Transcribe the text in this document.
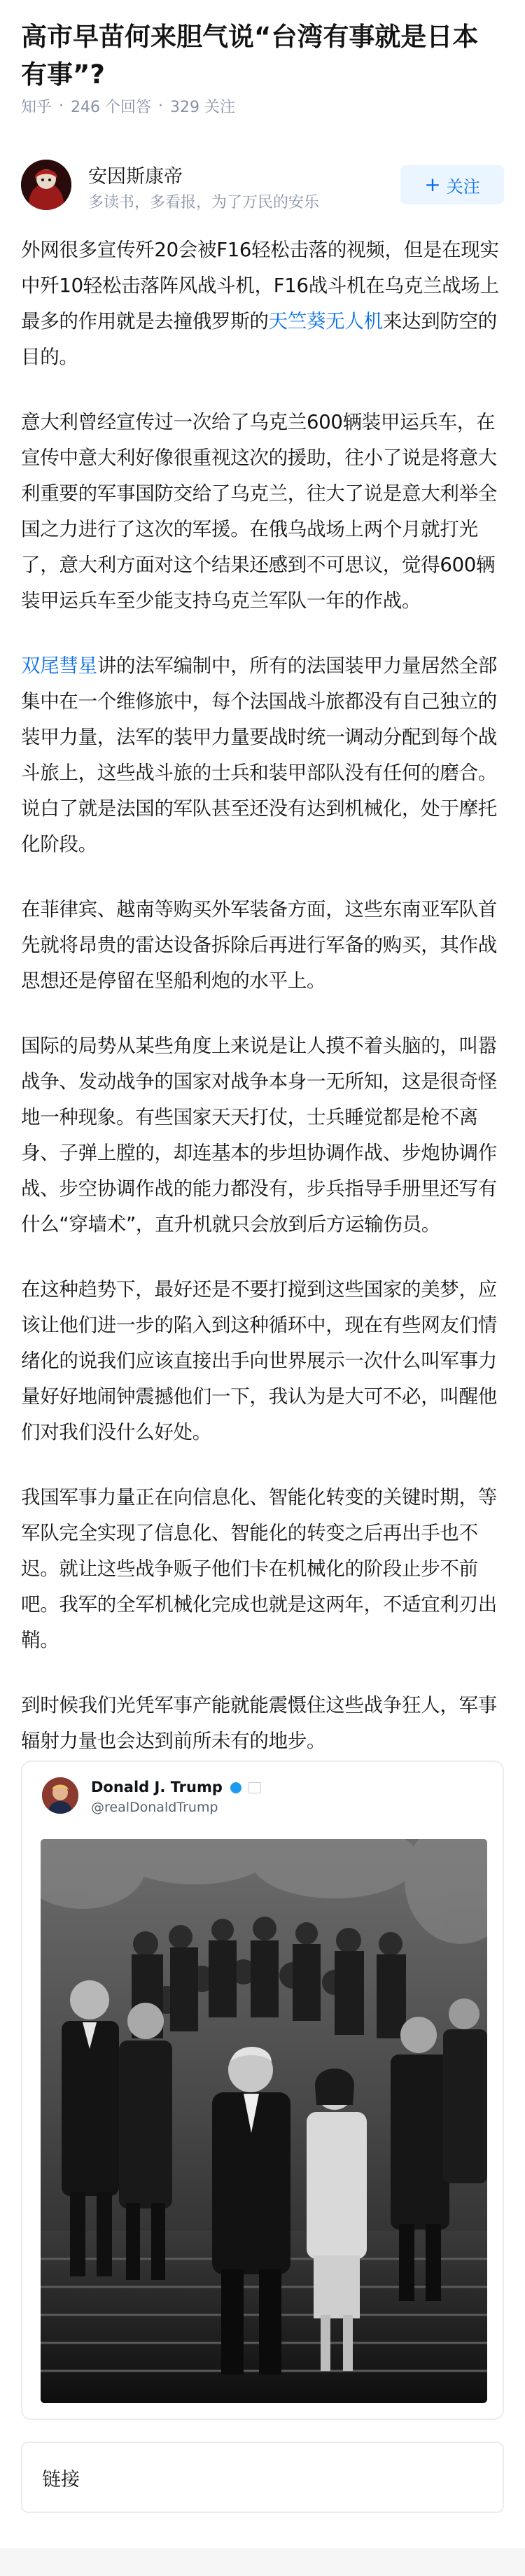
高市早苗何来胆气说“台湾有事就是日本有事”?
知乎 · 246 个回答 · 329 关注
安因斯康帝
多读书，多看报，为了万民的安乐
+ 关注

外网很多宣传歼20会被F16轻松击落的视频，但是在现实中歼10轻松击落阵风战斗机，F16战斗机在乌克兰战场上最多的作用就是去撞俄罗斯的天竺葵无人机来达到防空的目的。

意大利曾经宣传过一次给了乌克兰600辆装甲运兵车，在宣传中意大利好像很重视这次的援助，往小了说是将意大利重要的军事国防交给了乌克兰，往大了说是意大利举全国之力进行了这次的军援。在俄乌战场上两个月就打光了，意大利方面对这个结果还感到不可思议，觉得600辆装甲运兵车至少能支持乌克兰军队一年的作战。

双尾彗星讲的法军编制中，所有的法国装甲力量居然全部集中在一个维修旅中，每个法国战斗旅都没有自己独立的装甲力量，法军的装甲力量要战时统一调动分配到每个战斗旅上，这些战斗旅的士兵和装甲部队没有任何的磨合。说白了就是法国的军队甚至还没有达到机械化，处于摩托化阶段。

在菲律宾、越南等购买外军装备方面，这些东南亚军队首先就将昂贵的雷达设备拆除后再进行军备的购买，其作战思想还是停留在坚船利炮的水平上。

国际的局势从某些角度上来说是让人摸不着头脑的，叫嚣战争、发动战争的国家对战争本身一无所知，这是很奇怪地一种现象。有些国家天天打仗，士兵睡觉都是枪不离身、子弹上膛的，却连基本的步坦协调作战、步炮协调作战、步空协调作战的能力都没有，步兵指导手册里还写有什么“穿墙术”，直升机就只会放到后方运输伤员。

在这种趋势下，最好还是不要打搅到这些国家的美梦，应该让他们进一步的陷入到这种循环中，现在有些网友们情绪化的说我们应该直接出手向世界展示一次什么叫军事力量好好地闹钟震撼他们一下，我认为是大可不必，叫醒他们对我们没什么好处。

我国军事力量正在向信息化、智能化转变的关键时期，等军队完全实现了信息化、智能化的转变之后再出手也不迟。就让这些战争贩子他们卡在机械化的阶段止步不前吧。我军的全军机械化完成也就是这两年，不适宜利刃出鞘。

到时候我们光凭军事产能就能震慑住这些战争狂人，军事辐射力量也会达到前所未有的地步。

Donald J. Trump
@realDonaldTrump
链接
